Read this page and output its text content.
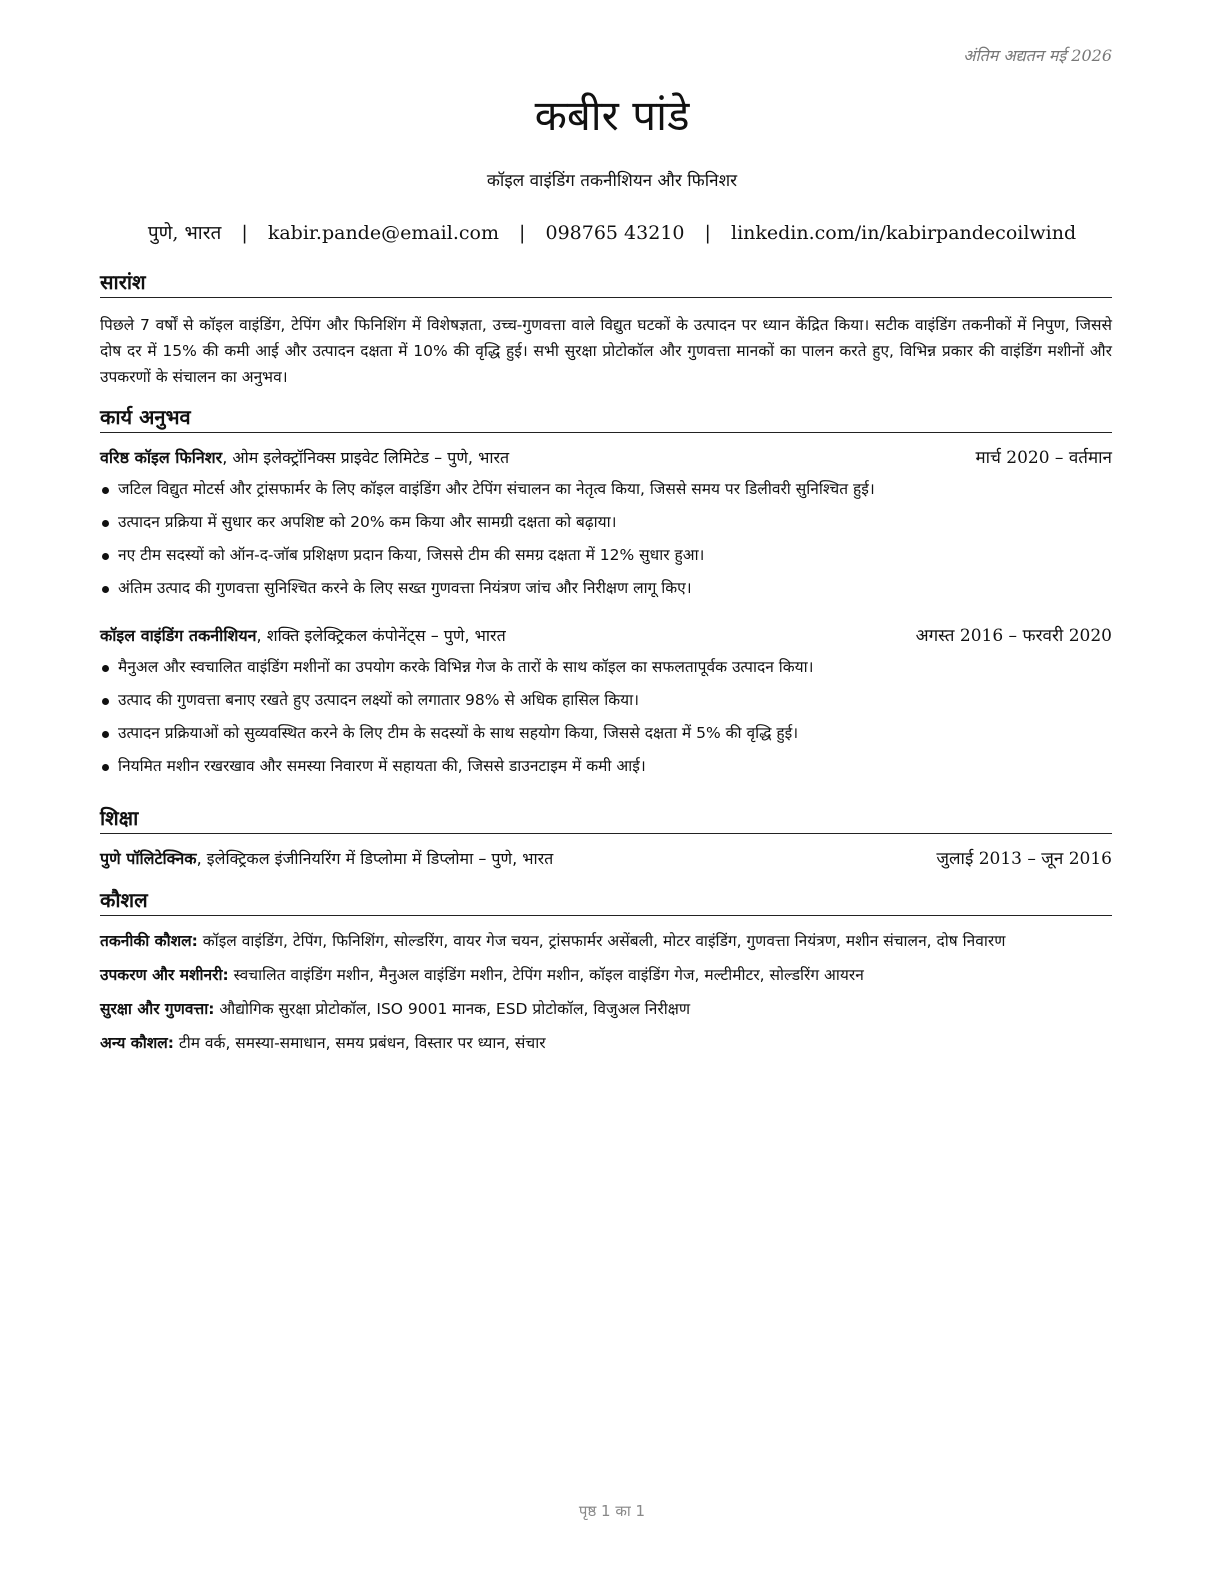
अंतिम अद्यतन मई 2026
कबीर पांडे
कॉइल वाइंडिंग तकनीशियन और फिनिशर
पुणे, भारत | kabir.pande@email.com | 098765 43210 | linkedin.com/in/kabirpandecoilwind
सारांश
पिछले 7 वर्षों से कॉइल वाइंडिंग, टेपिंग और फिनिशिंग में विशेषज्ञता, उच्च-गुणवत्ता वाले विद्युत घटकों के उत्पादन पर ध्यान केंद्रित किया। सटीक वाइंडिंग तकनीकों में निपुण, जिससे दोष दर में 15% की कमी आई और उत्पादन दक्षता में 10% की वृद्धि हुई। सभी सुरक्षा प्रोटोकॉल और गुणवत्ता मानकों का पालन करते हुए, विभिन्न प्रकार की वाइंडिंग मशीनों और उपकरणों के संचालन का अनुभव।
कार्य अनुभव
वरिष्ठ कॉइल फिनिशर, ओम इलेक्ट्रॉनिक्स प्राइवेट लिमिटेड – पुणे, भारत	मार्च 2020 – वर्तमान
जटिल विद्युत मोटर्स और ट्रांसफार्मर के लिए कॉइल वाइंडिंग और टेपिंग संचालन का नेतृत्व किया, जिससे समय पर डिलीवरी सुनिश्चित हुई।
उत्पादन प्रक्रिया में सुधार कर अपशिष्ट को 20% कम किया और सामग्री दक्षता को बढ़ाया।
नए टीम सदस्यों को ऑन-द-जॉब प्रशिक्षण प्रदान किया, जिससे टीम की समग्र दक्षता में 12% सुधार हुआ।
अंतिम उत्पाद की गुणवत्ता सुनिश्चित करने के लिए सख्त गुणवत्ता नियंत्रण जांच और निरीक्षण लागू किए।
कॉइल वाइंडिंग तकनीशियन, शक्ति इलेक्ट्रिकल कंपोनेंट्स – पुणे, भारत	अगस्त 2016 – फरवरी 2020
मैनुअल और स्वचालित वाइंडिंग मशीनों का उपयोग करके विभिन्न गेज के तारों के साथ कॉइल का सफलतापूर्वक उत्पादन किया।
उत्पाद की गुणवत्ता बनाए रखते हुए उत्पादन लक्ष्यों को लगातार 98% से अधिक हासिल किया।
उत्पादन प्रक्रियाओं को सुव्यवस्थित करने के लिए टीम के सदस्यों के साथ सहयोग किया, जिससे दक्षता में 5% की वृद्धि हुई।
नियमित मशीन रखरखाव और समस्या निवारण में सहायता की, जिससे डाउनटाइम में कमी आई।
शिक्षा
पुणे पॉलिटेक्निक, इलेक्ट्रिकल इंजीनियरिंग में डिप्लोमा में डिप्लोमा – पुणे, भारत	जुलाई 2013 – जून 2016
कौशल
तकनीकी कौशल: कॉइल वाइंडिंग, टेपिंग, फिनिशिंग, सोल्डरिंग, वायर गेज चयन, ट्रांसफार्मर असेंबली, मोटर वाइंडिंग, गुणवत्ता नियंत्रण, मशीन संचालन, दोष निवारण
उपकरण और मशीनरी: स्वचालित वाइंडिंग मशीन, मैनुअल वाइंडिंग मशीन, टेपिंग मशीन, कॉइल वाइंडिंग गेज, मल्टीमीटर, सोल्डरिंग आयरन
सुरक्षा और गुणवत्ता: औद्योगिक सुरक्षा प्रोटोकॉल, ISO 9001 मानक, ESD प्रोटोकॉल, विजुअल निरीक्षण
अन्य कौशल: टीम वर्क, समस्या-समाधान, समय प्रबंधन, विस्तार पर ध्यान, संचार
पृष्ठ 1 का 1
